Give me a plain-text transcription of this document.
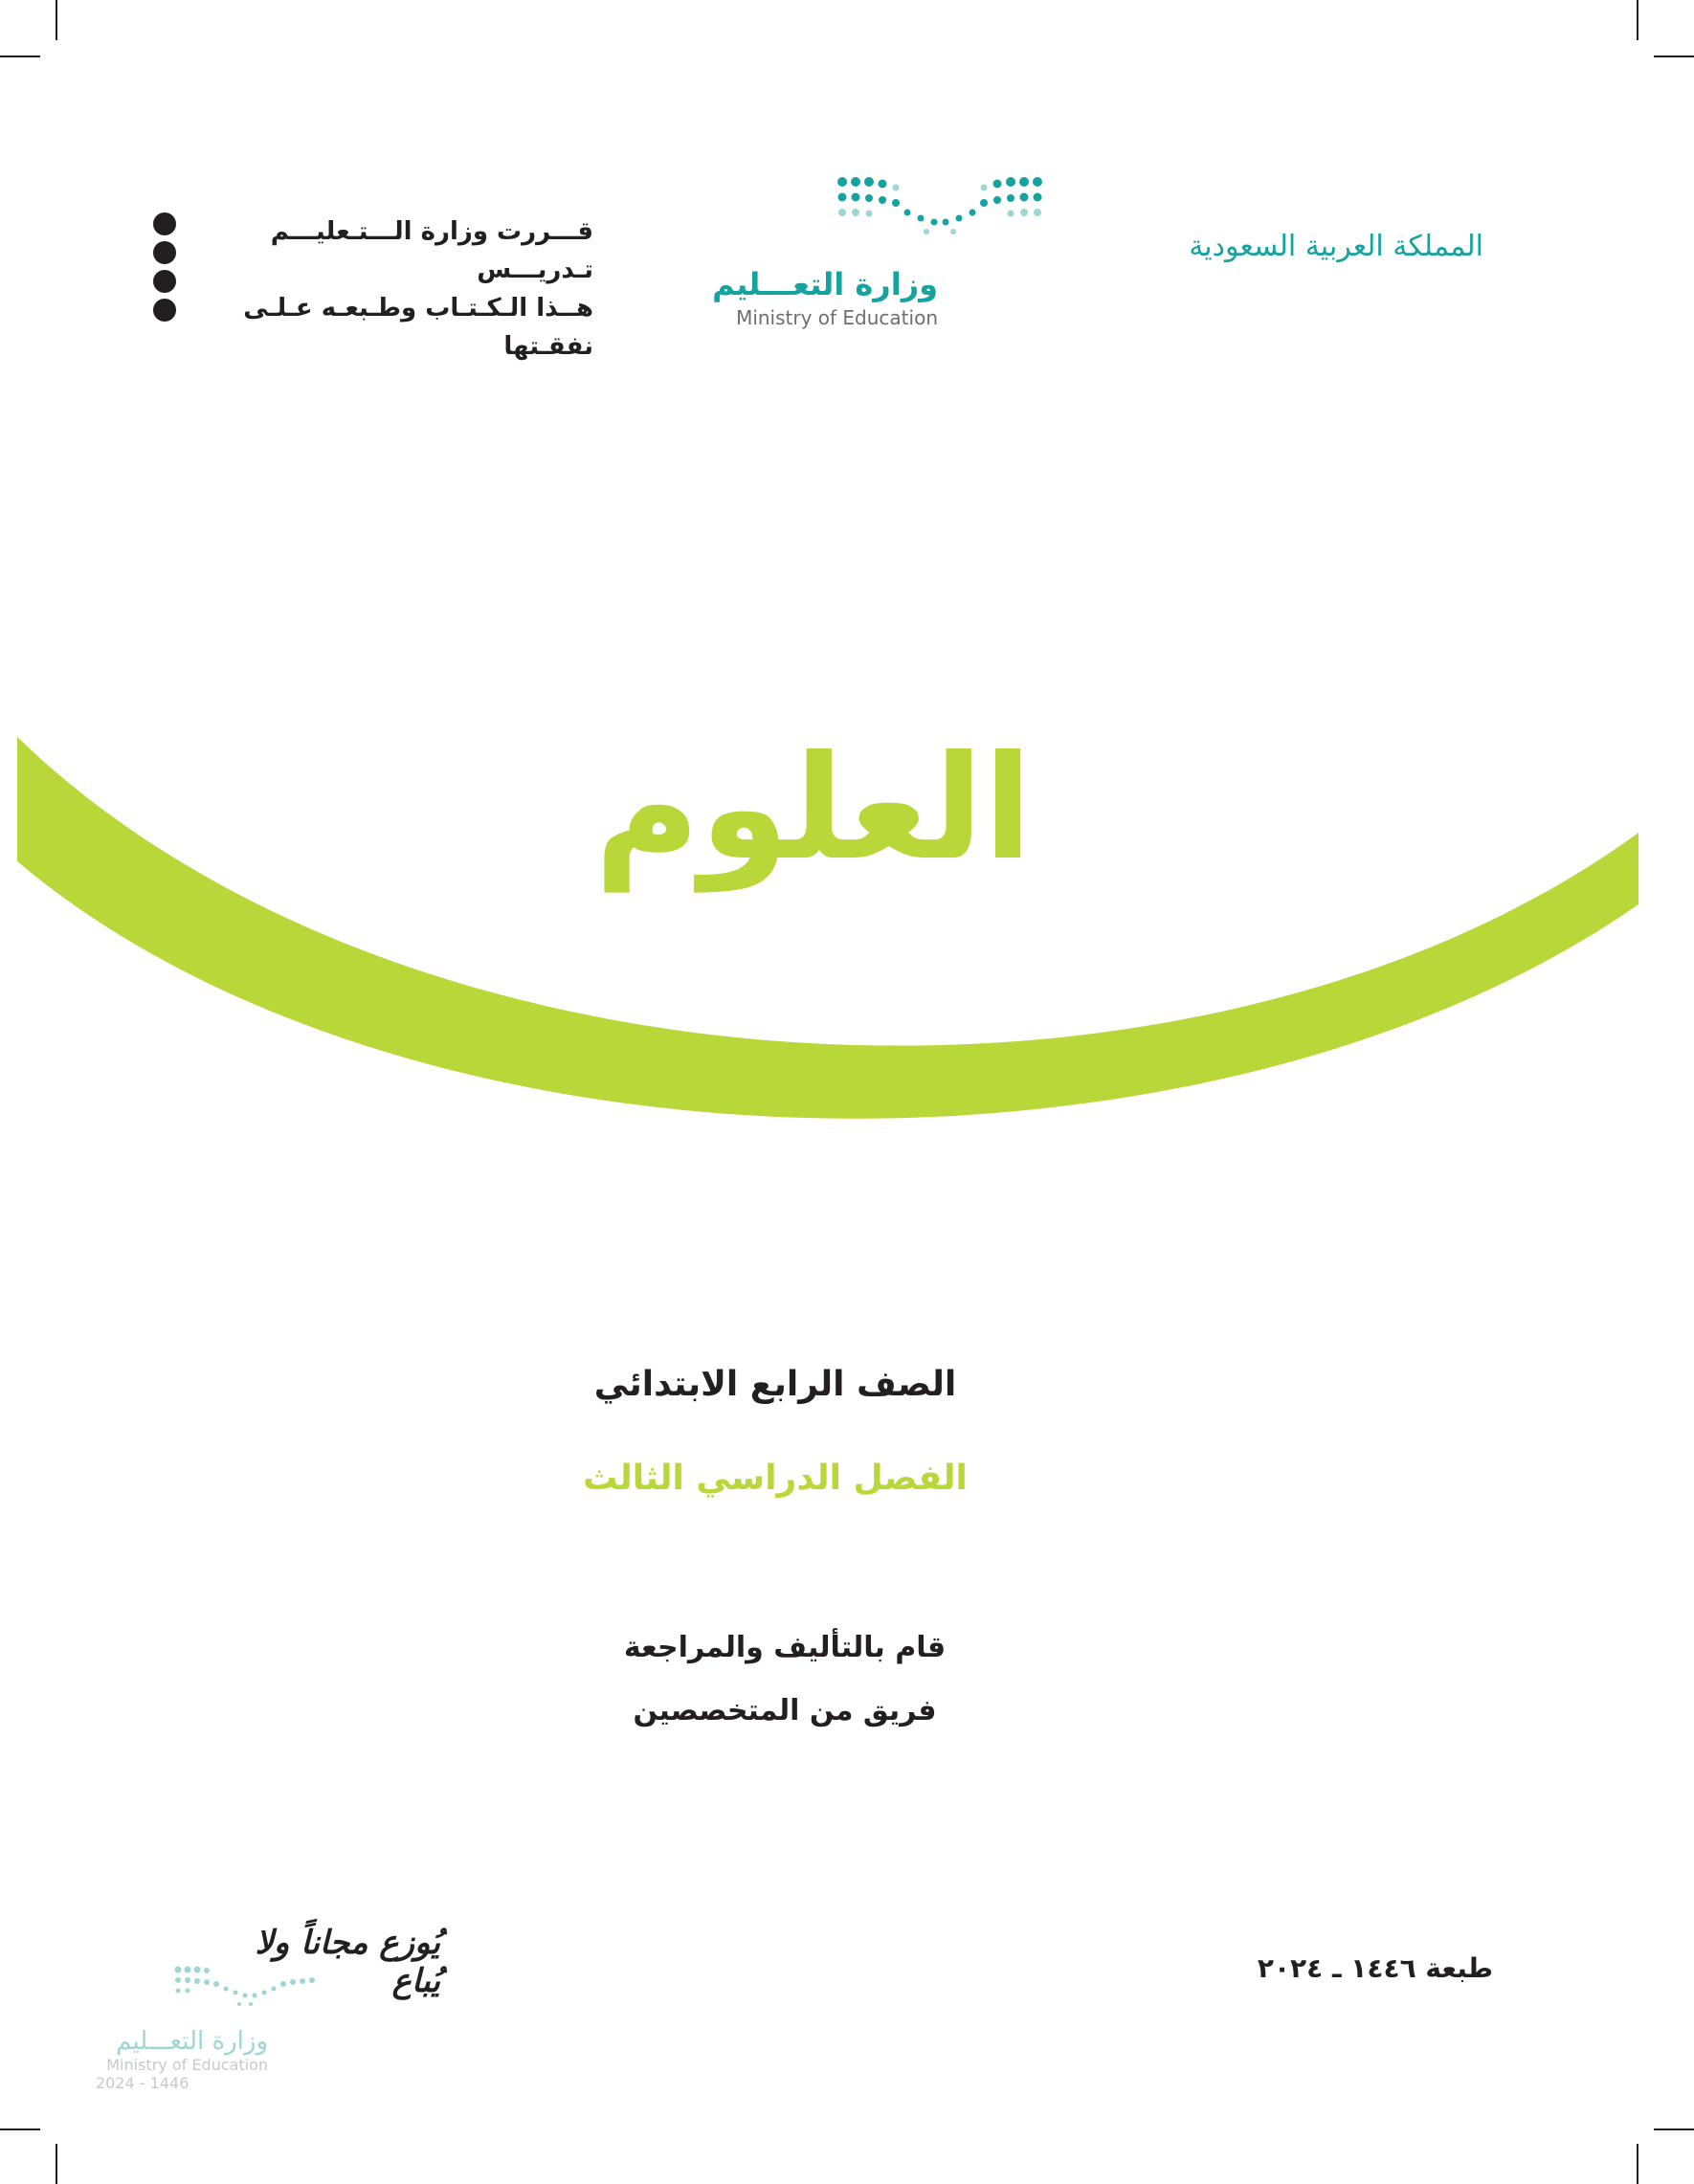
المملكة العربية السعودية
وزارة التعـــليم
Ministry of Education
قـــررت وزارة الـــتـعليـــم تـدريـــس
هــذا الـكـتـاب وطـبعـه عـلـى نفقـتها
العلوم
الصف الرابع الابتدائي
الفصل الدراسي الثالث
قام بالتأليف والمراجعة
فريق من المتخصصين
طبعة ١٤٤٦ ـ ٢٠٢٤
يُوزع مجاناً ولا يُباع
وزارة التعـــليم
Ministry of Education
2024 - 1446
